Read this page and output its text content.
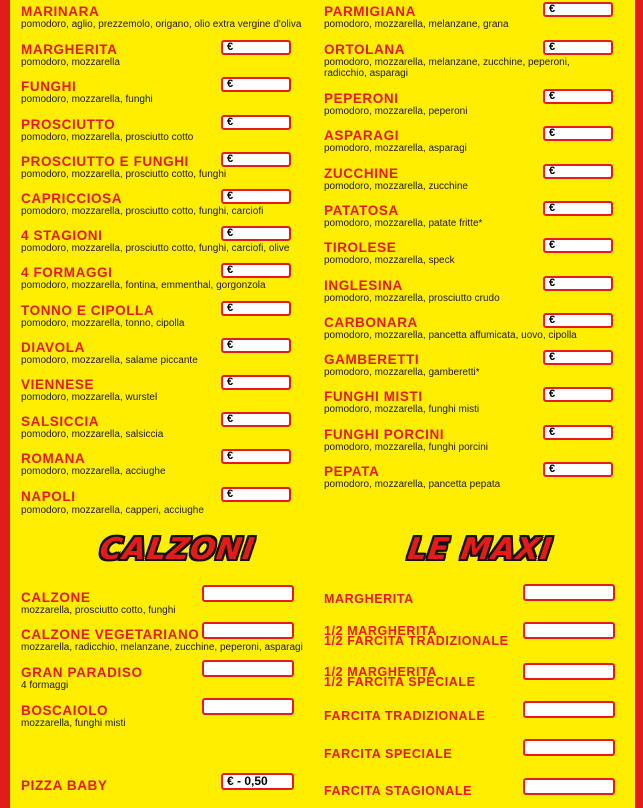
MARINARA
pomodoro, aglio, prezzemolo, origano, olio extra vergine d'oliva
MARGHERITA
pomodoro, mozzarella
€
FUNGHI
pomodoro, mozzarella, funghi
€
PROSCIUTTO
pomodoro, mozzarella, prosciutto cotto
€
PROSCIUTTO E FUNGHI
pomodoro, mozzarella, prosciutto cotto, funghi
€
CAPRICCIOSA
pomodoro, mozzarella, prosciutto cotto, funghi, carciofi
€
4 STAGIONI
pomodoro, mozzarella, prosciutto cotto, funghi, carciofi, olive
€
4 FORMAGGI
pomodoro, mozzarella, fontina, emmenthal, gorgonzola
€
TONNO E CIPOLLA
pomodoro, mozzarella, tonno, cipolla
€
DIAVOLA
pomodoro, mozzarella, salame piccante
€
VIENNESE
pomodoro, mozzarella, wurstel
€
SALSICCIA
pomodoro, mozzarella, salsiccia
€
ROMANA
pomodoro, mozzarella, acciughe
€
NAPOLI
pomodoro, mozzarella, capperi, acciughe
€
PARMIGIANA
pomodoro, mozzarella, melanzane, grana
€
ORTOLANA
pomodoro, mozzarella, melanzane, zucchine, peperoni, radicchio, asparagi
€
PEPERONI
pomodoro, mozzarella, peperoni
€
ASPARAGI
pomodoro, mozzarella, asparagi
€
ZUCCHINE
pomodoro, mozzarella, zucchine
€
PATATOSA
pomodoro, mozzarella, patate fritte*
€
TIROLESE
pomodoro, mozzarella, speck
€
INGLESINA
pomodoro, mozzarella, prosciutto crudo
€
CARBONARA
pomodoro, mozzarella, pancetta affumicata, uovo, cipolla
€
GAMBERETTI
pomodoro, mozzarella, gamberetti*
€
FUNGHI MISTI
pomodoro, mozzarella, funghi misti
€
FUNGHI PORCINI
pomodoro, mozzarella, funghi porcini
€
PEPATA
pomodoro, mozzarella, pancetta pepata
€
CALZONI	LE MAXI
CALZONE
mozzarella, prosciutto cotto, funghi
CALZONE VEGETARIANO
mozzarella, radicchio, melanzane, zucchine, peperoni, asparagi
GRAN PARADISO
4 formaggi
BOSCAIOLO
mozzarella, funghi misti
PIZZA BABY	€ - 0,50
MARGHERITA
1/2 MARGHERITA
1/2 FARCITA TRADIZIONALE
1/2 MARGHERITA
1/2 FARCITA SPECIALE
FARCITA TRADIZIONALE
FARCITA SPECIALE
FARCITA STAGIONALE
